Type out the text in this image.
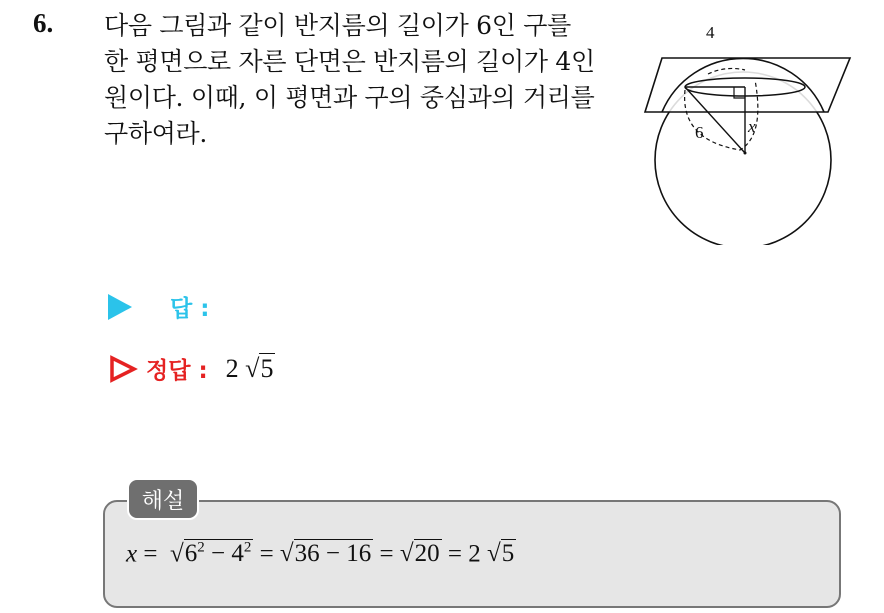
6. 다음 그림과 같이 반지름의 길이가 6인 구를
한 평면으로 자른 단면은 반지름의 길이가 4인
원이다. 이때, 이 평면과 구의 중심과의 거리를
구하여라.
4
6	x
답 :
정답 : 2 √5
해설
$x = √6^2 - 4^2 = √36 - 16 = √20 = 2$ √5
